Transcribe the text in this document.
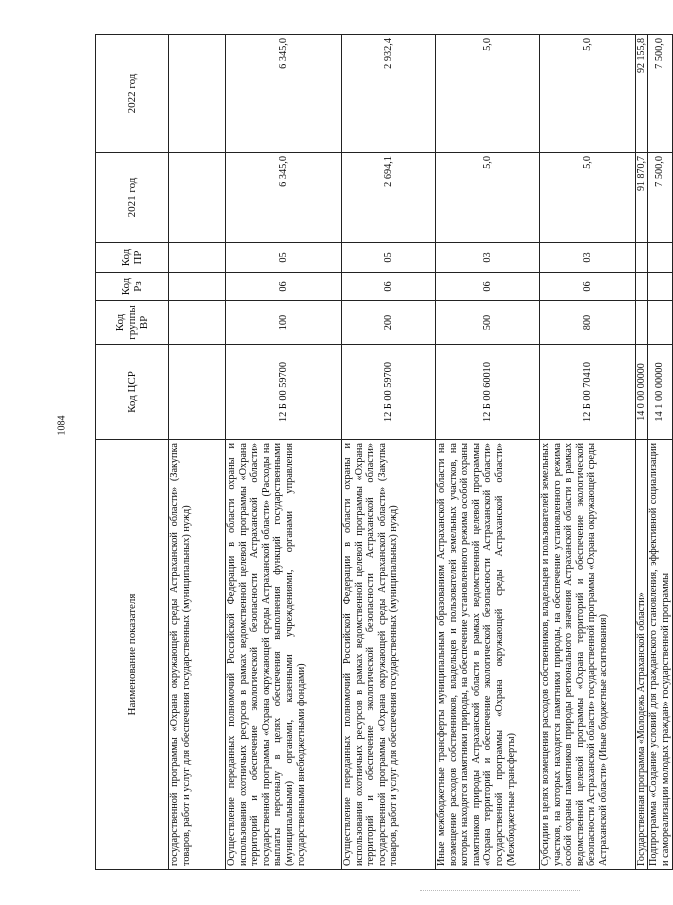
1084
Наименование показателя	Код ЦСР	Код группы ВР	Код Рз	Код ПР	2021 год	2022 год
государственной программы «Охрана окружающей среды Астраханской области» (Закупка товаров, работ и услуг для обеспечения государственных (муниципальных) нужд)						
Осуществление переданных полномочий Российской Федерации в области охраны и использования охотничьих ресурсов в рамках ведомственной целевой программы «Охрана территорий и обеспечение экологической безопасности Астраханской области» государственной программы «Охрана окружающей среды Астраханской области» (Расходы на выплаты персоналу в целях обеспечения выполнения функций государственными (муниципальными) органами, казенными учреждениями, органами управления государственными внебюджетными фондами)	12 Б 00 59700	100	06	05	6 345,0	6 345,0
Осуществление переданных полномочий Российской Федерации в области охраны и использования охотничьих ресурсов в рамках ведомственной целевой программы «Охрана территорий и обеспечение экологической безопасности Астраханской области» государственной программы «Охрана окружающей среды Астраханской области» (Закупка товаров, работ и услуг для обеспечения государственных (муниципальных) нужд)	12 Б 00 59700	200	06	05	2 694,1	2 932,4
Иные межбюджетные трансферты муниципальным образованиям Астраханской области на возмещение расходов собственников, владельцев и пользователей земельных участков, на которых находятся памятники природы, на обеспечение установленного режима особой охраны памятников природы Астраханской области в рамках ведомственной целевой программы «Охрана территорий и обеспечение экологической безопасности Астраханской области» государственной программы «Охрана окружающей среды Астраханской области» (Межбюджетные трансферты)	12 Б 00 60010	500	06	03	5,0	5,0
Субсидии в целях возмещения расходов собственников, владельцев и пользователей земельных участков, на которых находятся памятники природы, на обеспечение установленного режима особой охраны памятников природы регионального значения Астраханской области в рамках ведомственной целевой программы «Охрана территорий и обеспечение экологической безопасности Астраханской области» государственной программы «Охрана окружающей среды Астраханской области» (Иные бюджетные ассигнования)	12 Б 00 70410	800	06	03	5,0	5,0
Государственная программа «Молодежь Астраханской области»	14 0 00 00000				91 870,7	92 155,8
Подпрограмма «Создание условий для гражданского становления, эффективной социализации и самореализации молодых граждан» государственной программы	14 1 00 00000				7 500,0	7 500,0
